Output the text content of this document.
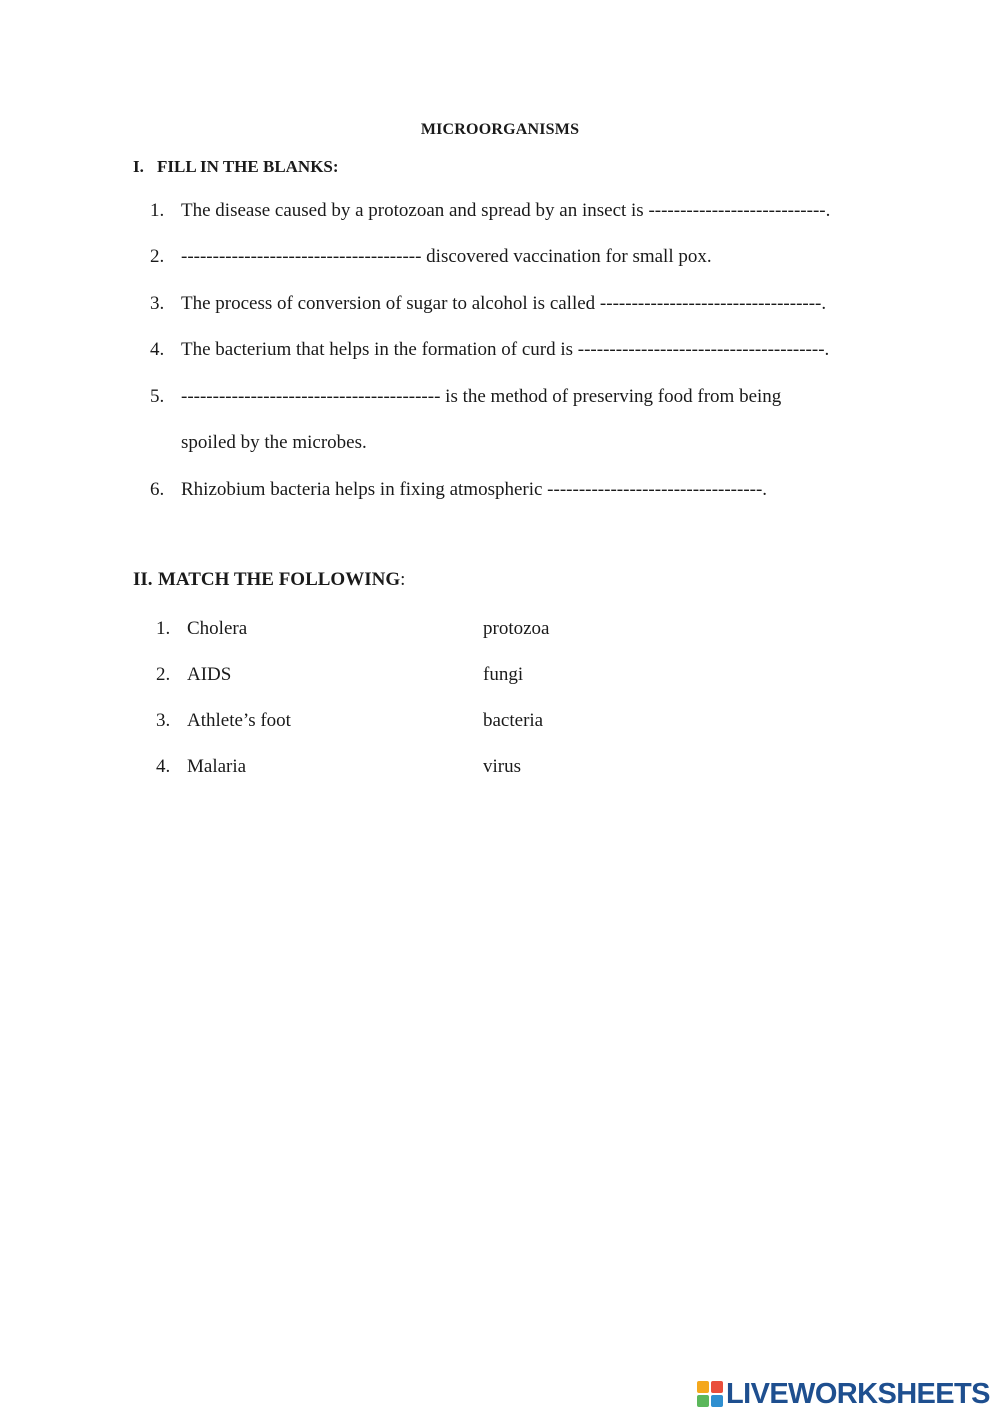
MICROORGANISMS
I. FILL IN THE BLANKS:
1. The disease caused by a protozoan and spread by an insect is ----------------------------.
2. -------------------------------------- discovered vaccination for small pox.
3. The process of conversion of sugar to alcohol is called -----------------------------------.
4. The bacterium that helps in the formation of curd is ---------------------------------------.
5. ----------------------------------------- is the method of preserving food from being
spoiled by the microbes.
6. Rhizobium bacteria helps in fixing atmospheric ----------------------------------.
II. MATCH THE FOLLOWING:
1. Cholera	protozoa
2. AIDS	fungi
3. Athlete’s foot	bacteria
4. Malaria	virus
LIVEWORKSHEETS
